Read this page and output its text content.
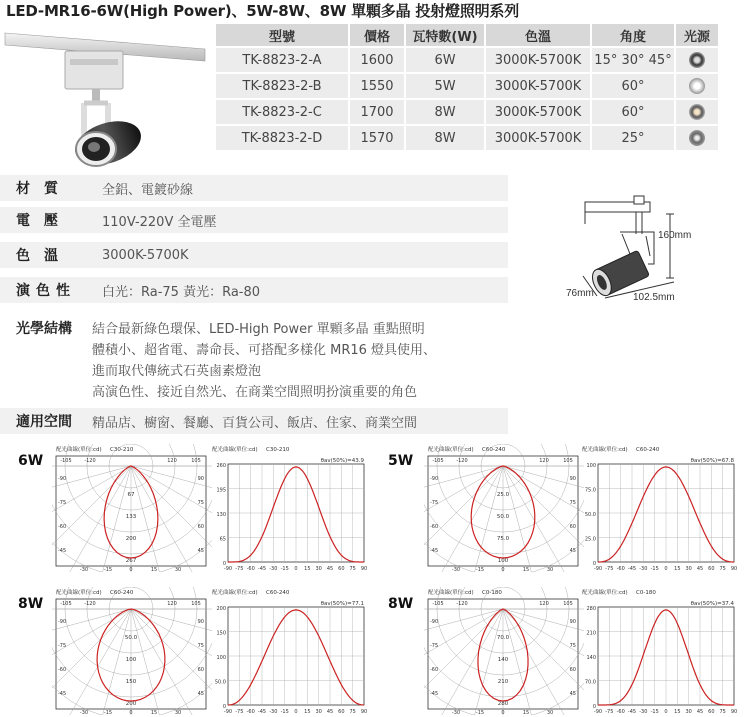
LED-MR16-6W(High Power)、5W-8W、8W 單顆多晶 投射燈照明系列
型號	價格	瓦特數(W)	色溫	角度	光源
TK-8823-2-A	1600	6W	3000K-5700K	15° 30° 45°	
TK-8823-2-B	1550	5W	3000K-5700K	60°	
TK-8823-2-C	1700	8W	3000K-5700K	60°	
TK-8823-2-D	1570	8W	3000K-5700K	25°	
材質	全鋁、電鍍砂線
電壓	110V-220V 全電壓
色溫	3000K-5700K
演色性	白光：Ra-75 黃光：Ra-80
光學結構 結合最新綠色環保、LED-High Power 單顆多晶 重點照明
體積小、超省電、壽命長、可搭配多樣化 MR16 燈具使用、
進而取代傳統式石英鹵素燈泡
高演色性、接近自然光、在商業空間照明扮演重要的角色
適用空間	精品店、櫥窗、餐廳、百貨公司、飯店、住家、商業空間
160mm
76mm	102.5mm
6W	5W
8W	8W
配光曲線(單位:cd) C30-210
67
133
200
267
-105	-120	120	105
-90
-75
-60
-45
90
75
60
45
-30	-15	0	15	30
配光曲線(單位:cd) C30-210
θav(50%)=43.9
260
195
130
65
0
-90 -75 -60 -45 -30 -15 0 15 30 45 60 75 90
配光曲線(單位:cd) C60-240
25.0
50.0
75.0
100
-105	-120	120	105
-90
-75
-60
-45
90
75
60
45
-30	-15	0	15	30
配光曲線(單位:cd) C60-240
θav(50%)=67.8
100
75.0
50.0
25.0
0
-90 -75 -60 -45 -30 -15 0 15 30 45 60 75 90
配光曲線(單位:cd) C60-240
50.0
100
150
200
-105	-120	120	105
-90
-75
-60
-45
90
75
60
45
-30	-15	0	15	30
配光曲線(單位:cd) C60-240
θav(50%)=77.1
200
150
100
50.0
0
-90 -75 -60 -45 -30 -15 0 15 30 45 60 75 90
配光曲線(單位:cd) C0-180
70.0
140
210
280
-105	-120	120	105
-90
-75
-60
-45
90
75
60
45
-30	-15	0	15	30
配光曲線(單位:cd) C0-180
θav(50%)=37.4
280
210
140
70.0
0
-90 -75 -60 -45 -30 -15 0 15 30 45 60 75 90
